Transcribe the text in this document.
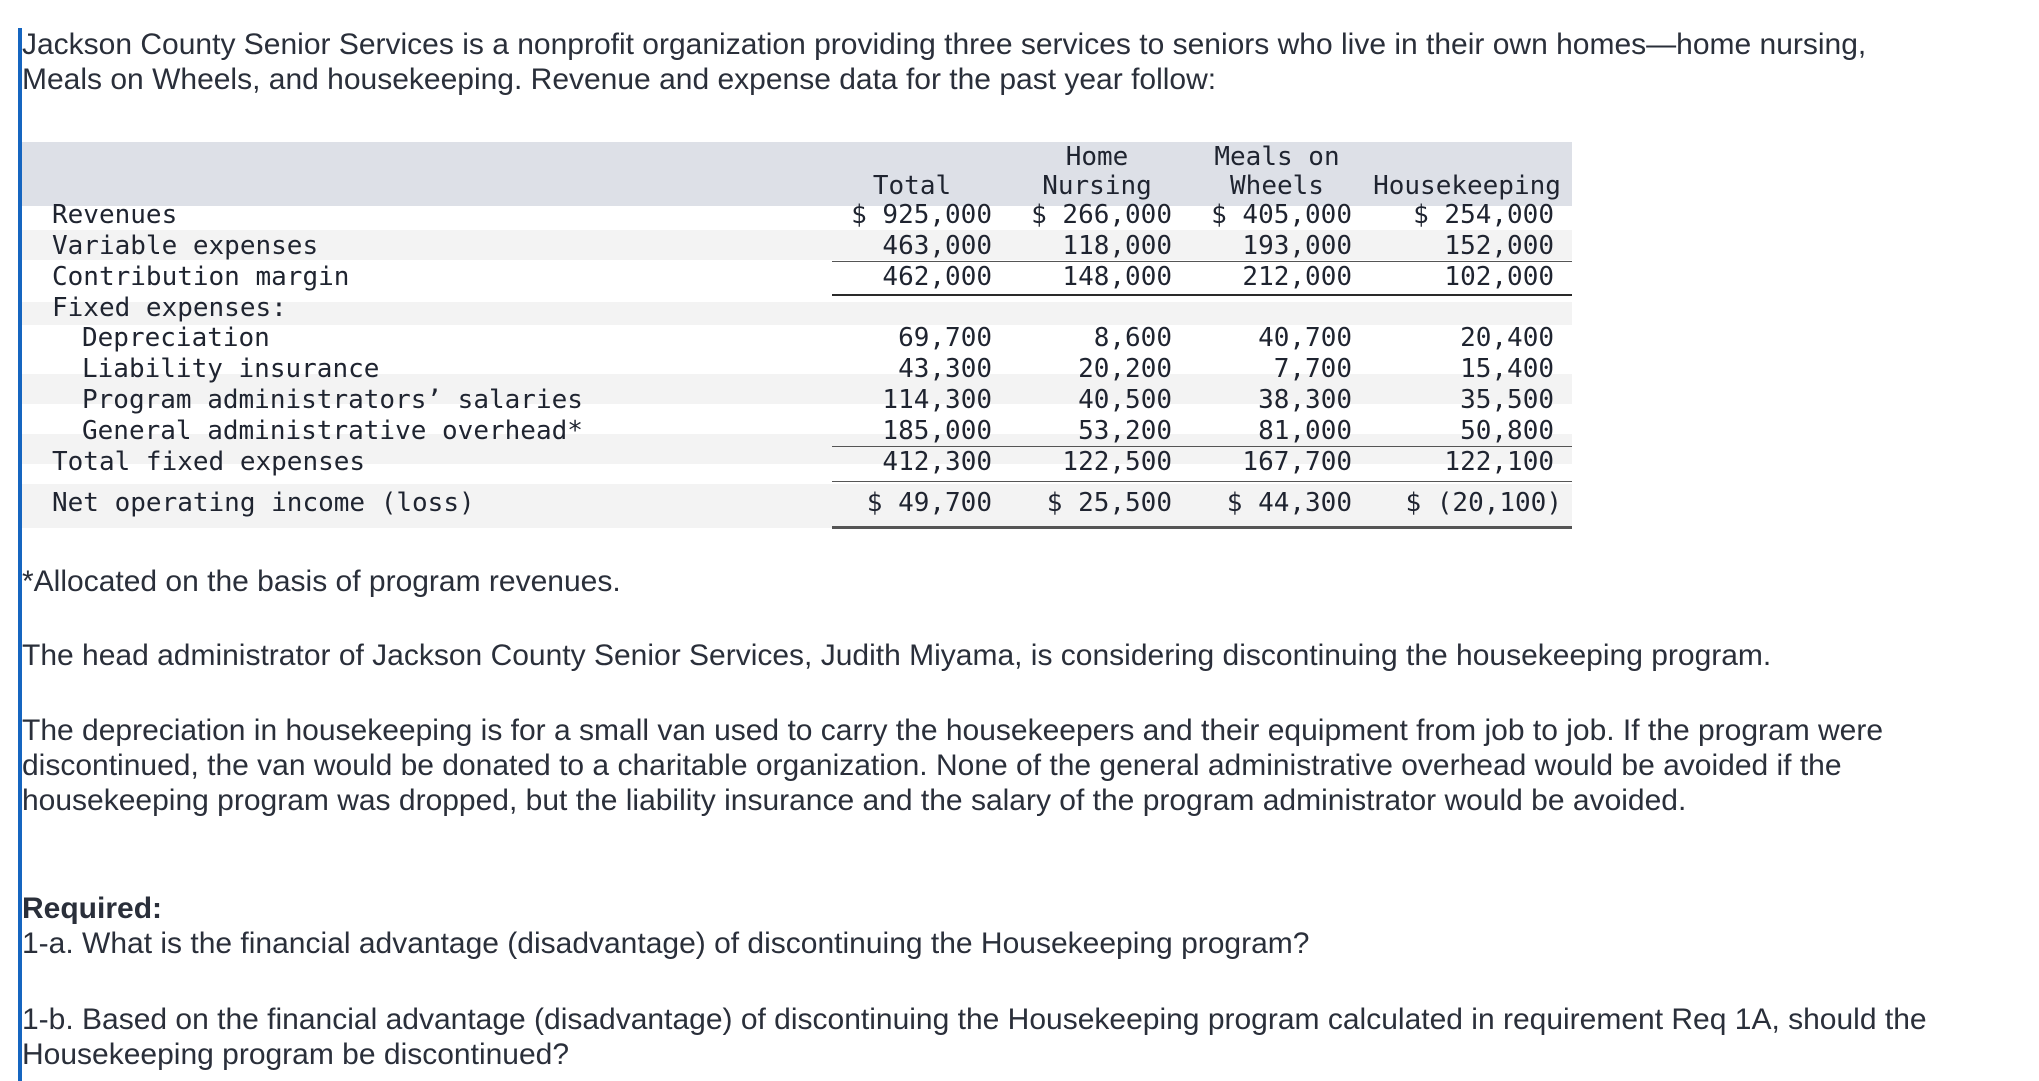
Jackson County Senior Services is a nonprofit organization providing three services to seniors who live in their own homes—home nursing, Meals on Wheels, and housekeeping. Revenue and expense data for the past year follow:

Total
Home
Nursing
Meals on
Wheels	Housekeeping
Revenues
Variable expenses
Contribution margin
Fixed expenses:
Depreciation
Liability insurance
Program administrators’ salaries
General administrative overhead*
Total fixed expenses
Net operating income (loss)
$ 925,000
463,000
462,000
69,700
43,300
114,300
185,000
412,300
$ 49,700
$ 266,000
118,000
148,000
8,600
20,200
40,500
53,200
122,500
$ 25,500
$ 405,000
193,000
212,000
40,700
7,700
38,300
81,000
167,700
$ 44,300
$ 254,000
152,000
102,000
20,400
15,400
35,500
50,800
122,100
$ (20,100)

*Allocated on the basis of program revenues.

The head administrator of Jackson County Senior Services, Judith Miyama, is considering discontinuing the housekeeping program.

The depreciation in housekeeping is for a small van used to carry the housekeepers and their equipment from job to job. If the program were discontinued, the van would be donated to a charitable organization. None of the general administrative overhead would be avoided if the housekeeping program was dropped, but the liability insurance and the salary of the program administrator would be avoided.

Required:

1-a. What is the financial advantage (disadvantage) of discontinuing the Housekeeping program?

1-b. Based on the financial advantage (disadvantage) of discontinuing the Housekeeping program calculated in requirement Req 1A, should the Housekeeping program be discontinued?
